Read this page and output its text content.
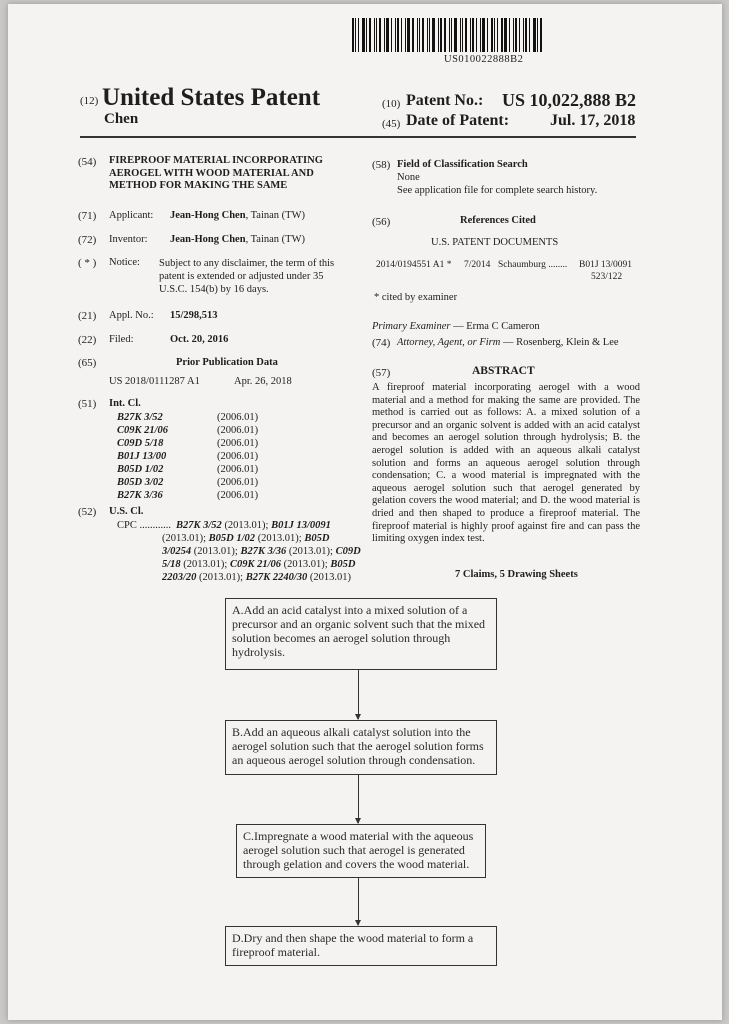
US010022888B2
(12) United States Patent
Chen
(10) Patent No.: US 10,022,888 B2
(45) Date of Patent:	Jul. 17, 2018
(54) FIREPROOF MATERIAL INCORPORATING
AEROGEL WITH WOOD MATERIAL AND
METHOD FOR MAKING THE SAME
(71) Applicant: Jean-Hong Chen, Tainan (TW)
(72) Inventor: Jean-Hong Chen, Tainan (TW)
( * ) Notice: Subject to any disclaimer, the term of this
patent is extended or adjusted under 35
U.S.C. 154(b) by 16 days.
(21) Appl. No.: 15/298,513
(22) Filed:	Oct. 20, 2016
(65)	Prior Publication Data
US 2018/0111287 A1	Apr. 26, 2018
(51) Int. Cl.
B27K 3/52	(2006.01)
C09K 21/06	(2006.01)
C09D 5/18	(2006.01)
B01J 13/00	(2006.01)
B05D 1/02	(2006.01)
B05D 3/02	(2006.01)
B27K 3/36	(2006.01)
(52) U.S. Cl.
CPC ............ B27K 3/52 (2013.01); B01J 13/0091
(2013.01); B05D 1/02 (2013.01); B05D
3/0254 (2013.01); B27K 3/36 (2013.01); C09D
5/18 (2013.01); C09K 21/06 (2013.01); B05D
2203/20 (2013.01); B27K 2240/30 (2013.01)
(58) Field of Classification Search
None
See application file for complete search history.
(56)	References Cited
U.S. PATENT DOCUMENTS
2014/0194551 A1 * 7/2014 Schaumburg ........ B01J 13/0091
523/122
* cited by examiner
Primary Examiner — Erma C Cameron
(74) Attorney, Agent, or Firm — Rosenberg, Klein & Lee
(57)	ABSTRACT
A fireproof material incorporating aerogel with a wood material and a method for making the same are provided. The method is carried out as follows: A. a mixed solution of a precursor and an organic solvent is added with an acid catalyst and becomes an aerogel solution through hydrolysis; B. the aerogel solution is added with an aqueous alkali catalyst solution and forms an aqueous aerogel solution through condensation; C. a wood material is impregnated with the aqueous aerogel solution such that aerogel generated by gelation covers the wood material; and D. the wood material is dried and then shaped to produce a fireproof material. The fireproof material is highly proof against fire and can pass the limiting oxygen index test.
7 Claims, 5 Drawing Sheets
A.Add an acid catalyst into a mixed solution of a precursor and an organic solvent such that the mixed solution becomes an aerogel solution through hydrolysis.
B.Add an aqueous alkali catalyst solution into the aerogel solution such that the aerogel solution forms an aqueous aerogel solution through condensation.
C.Impregnate a wood material with the aqueous aerogel solution such that aerogel is generated through gelation and covers the wood material.
D.Dry and then shape the wood material to form a fireproof material.
